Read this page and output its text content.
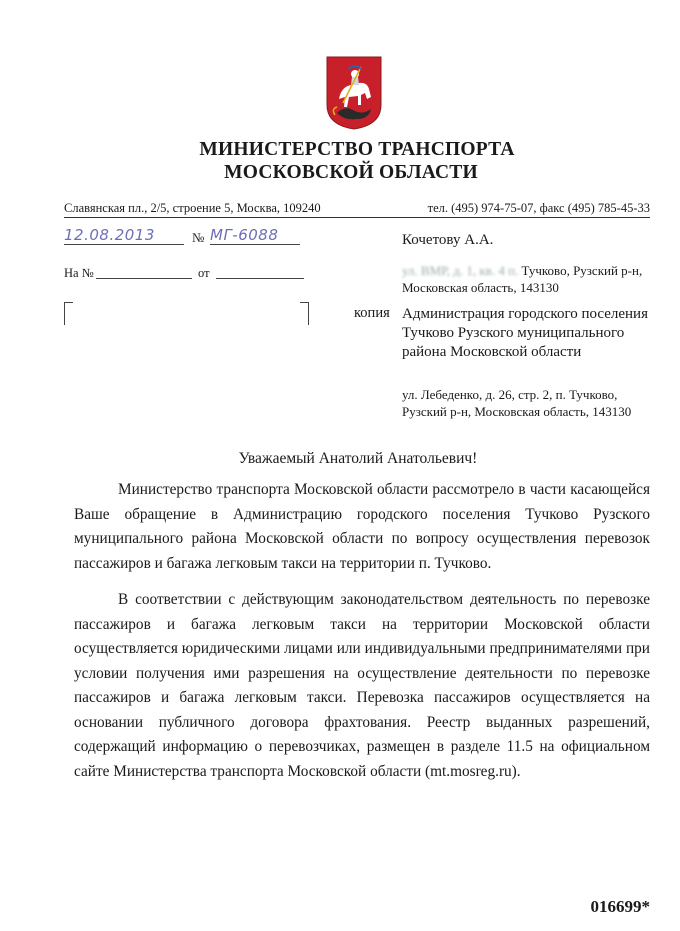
МИНИСТЕРСТВО ТРАНСПОРТА
МОСКОВСКОЙ ОБЛАСТИ
Славянская пл., 2/5, строение 5, Москва, 109240	тел. (495) 974-75-07, факс (495) 785-45-33
12.08.2013	№ МГ-6088
На №	от
Кочетову А.А.
ул. ВМР, д. 1, кв. 4 п. Тучково, Рузский р-н, Московская область, 143130
копия Администрация городского поселения Тучково Рузского муниципального района Московской области
ул. Лебеденко, д. 26, стр. 2, п. Тучково, Рузский р-н, Московская область, 143130
Уважаемый Анатолий Анатольевич!

Министерство транспорта Московской области рассмотрело в части касающейся Ваше обращение в Администрацию городского поселения Тучково Рузского муниципального района Московской области по вопросу осуществления перевозок пассажиров и багажа легковым такси на территории п. Тучково.

В соответствии с действующим законодательством деятельность по перевозке пассажиров и багажа легковым такси на территории Московской области осуществляется юридическими лицами или индивидуальными предпринимателями при условии получения ими разрешения на осуществление деятельности по перевозке пассажиров и багажа легковым такси. Перевозка пассажиров осуществляется на основании публичного договора фрахтования. Реестр выданных разрешений, содержащий информацию о перевозчиках, размещен в разделе 11.5 на официальном сайте Министерства транспорта Московской области (mt.mosreg.ru).

016699*
